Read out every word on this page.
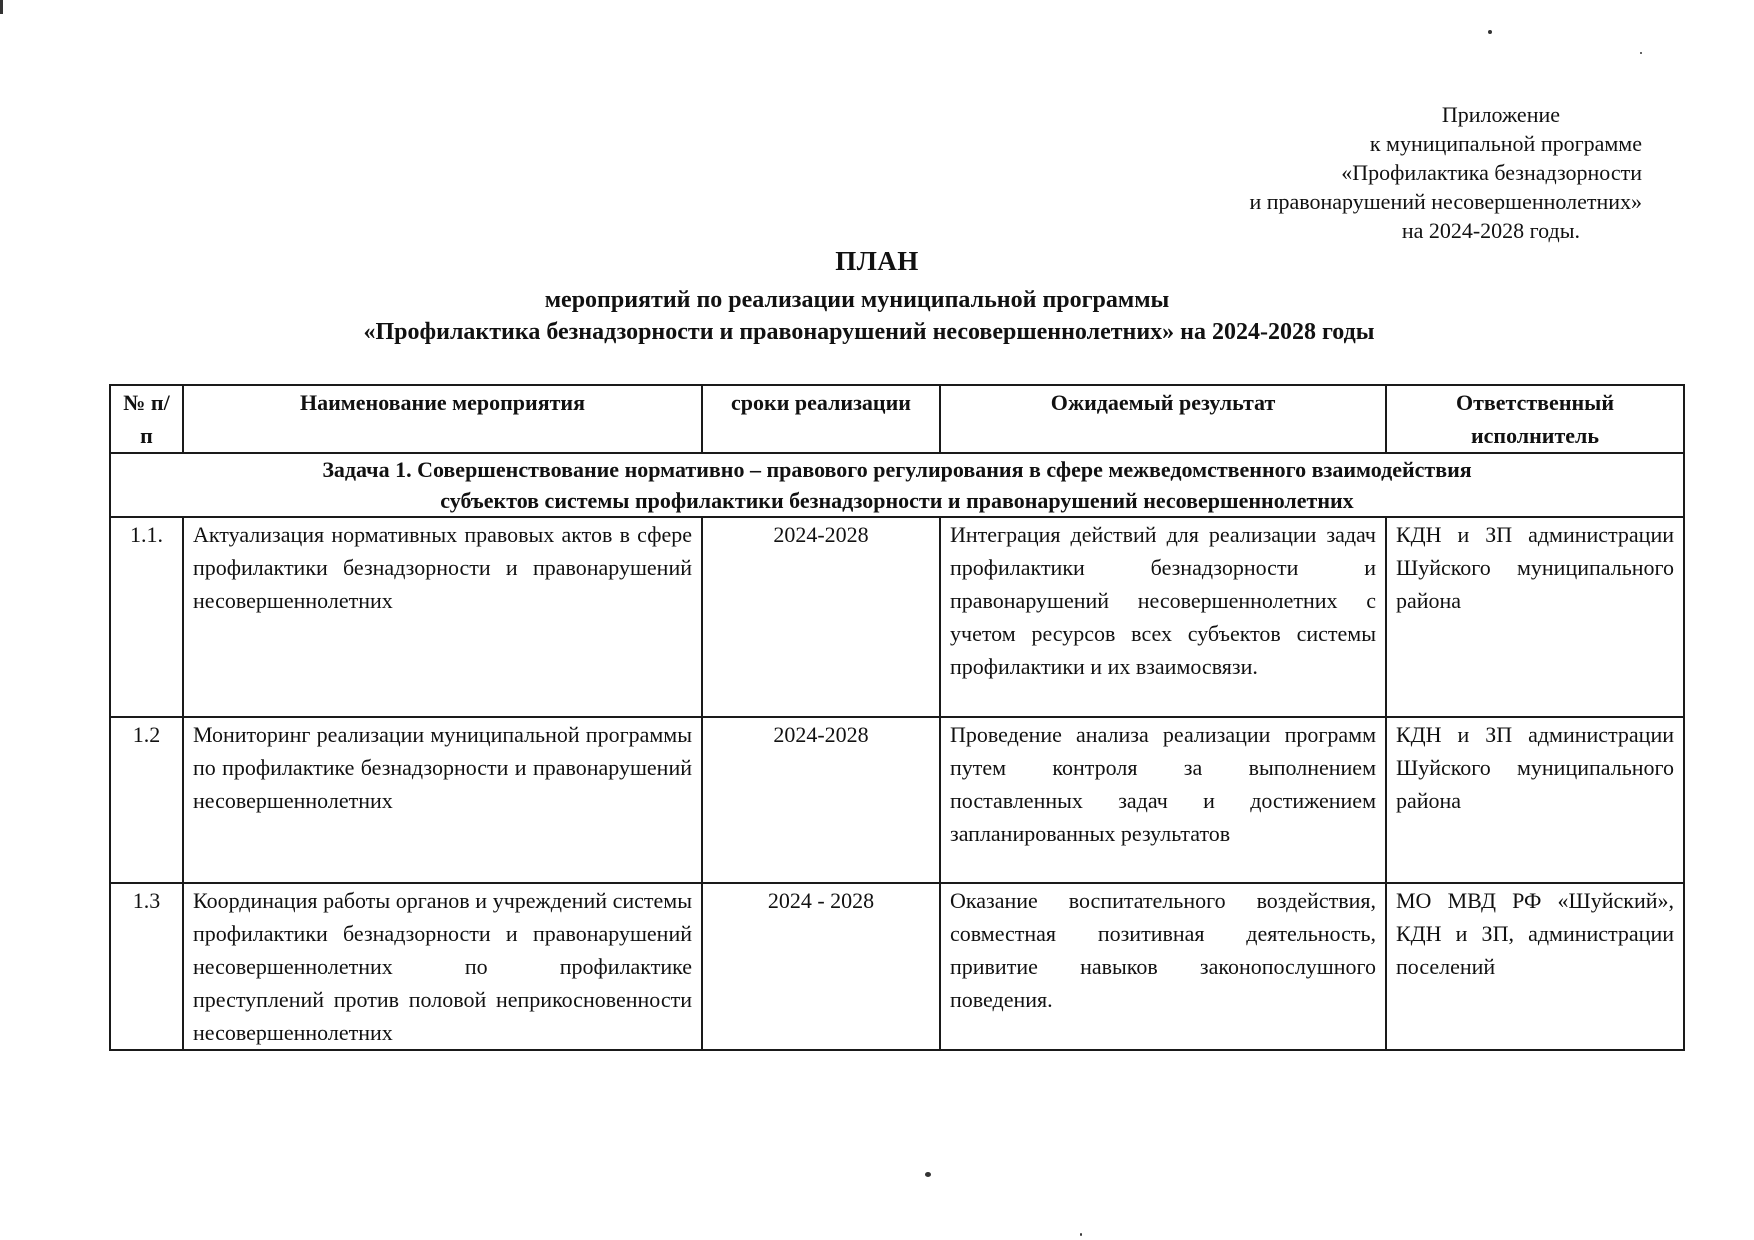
Приложение
к муниципальной программе
«Профилактика безнадзорности
и правонарушений несовершеннолетних»
на 2024-2028 годы.
ПЛАН
мероприятий по реализации муниципальной программы
«Профилактика безнадзорности и правонарушений несовершеннолетних» на 2024-2028 годы
№ п/п	Наименование мероприятия	сроки реализации	Ожидаемый результат	Ответственный исполнитель

Задача 1. Совершенствование нормативно – правового регулирования в сфере межведомственного взаимодействия
субъектов системы профилактики безнадзорности и правонарушений несовершеннолетних				

1.1.	Актуализация нормативных правовых актов в сфере профилактики безнадзорности и правонарушений несовершеннолетних	2024-2028	Интеграция действий для реализации задач профилактики безнадзорности и правонарушений несовершеннолетних с учетом ресурсов всех субъектов системы профилактики и их взаимосвязи.	КДН и ЗП администрации Шуйского муниципального района
1.2	Мониторинг реализации муниципальной программы по профилактике безнадзорности и правонарушений несовершеннолетних	2024-2028	Проведение анализа реализации программ путем контроля за выполнением поставленных задач и достижением запланированных результатов	КДН и ЗП администрации Шуйского муниципального района
1.3	Координация работы органов и учреждений системы профилактики безнадзорности и правонарушений несовершеннолетних по профилактике преступлений против половой неприкосновенности несовершеннолетних	2024 - 2028	Оказание воспитательного воздействия, совместная позитивная деятельность, привитие навыков законопослушного поведения.	МО МВД РФ «Шуйский», КДН и ЗП, администрации поселений
